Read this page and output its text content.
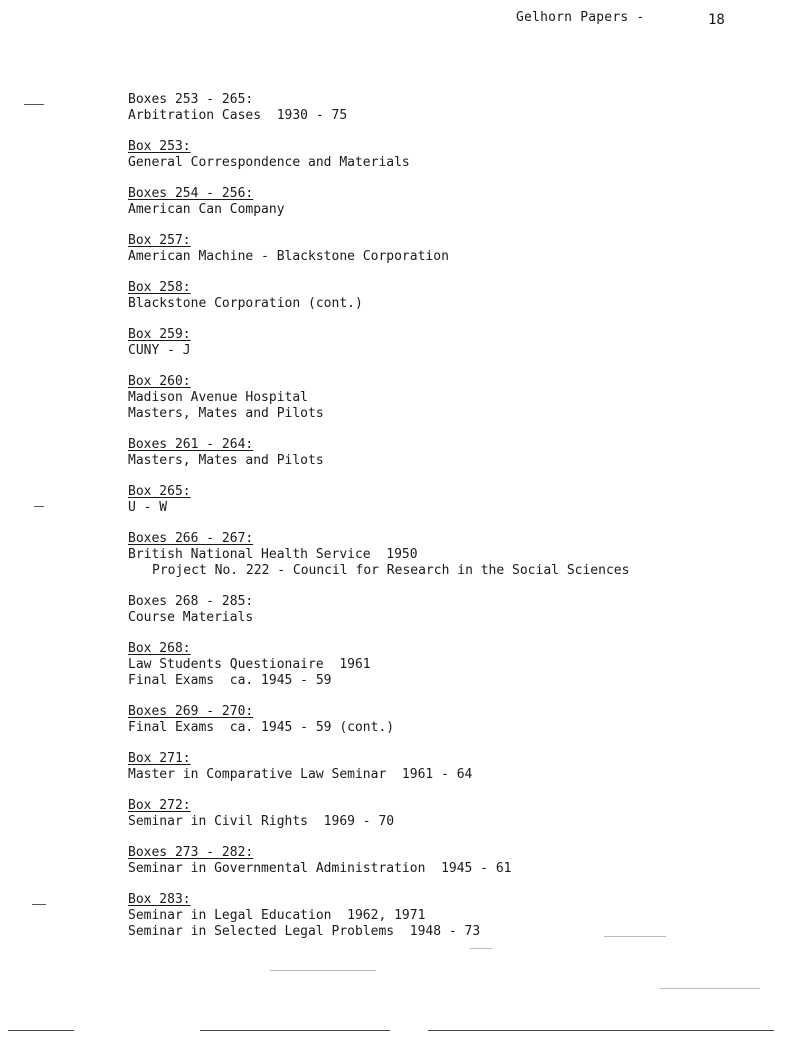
Gelhorn Papers -	18
Boxes 253 - 265:
Arbitration Cases  1930 - 75
Box 253:
General Correspondence and Materials
Boxes 254 - 256:
American Can Company
Box 257:
American Machine - Blackstone Corporation
Box 258:
Blackstone Corporation (cont.)
Box 259:
CUNY - J
Box 260:
Madison Avenue Hospital
Masters, Mates and Pilots
Boxes 261 - 264:
Masters, Mates and Pilots
Box 265:
U - W
Boxes 266 - 267:
British National Health Service  1950
Project No. 222 - Council for Research in the Social Sciences
Boxes 268 - 285:
Course Materials
Box 268:
Law Students Questionaire  1961
Final Exams  ca. 1945 - 59
Boxes 269 - 270:
Final Exams  ca. 1945 - 59 (cont.)
Box 271:
Master in Comparative Law Seminar  1961 - 64
Box 272:
Seminar in Civil Rights  1969 - 70
Boxes 273 - 282:
Seminar in Governmental Administration  1945 - 61
Box 283:
Seminar in Legal Education  1962, 1971
Seminar in Selected Legal Problems  1948 - 73
